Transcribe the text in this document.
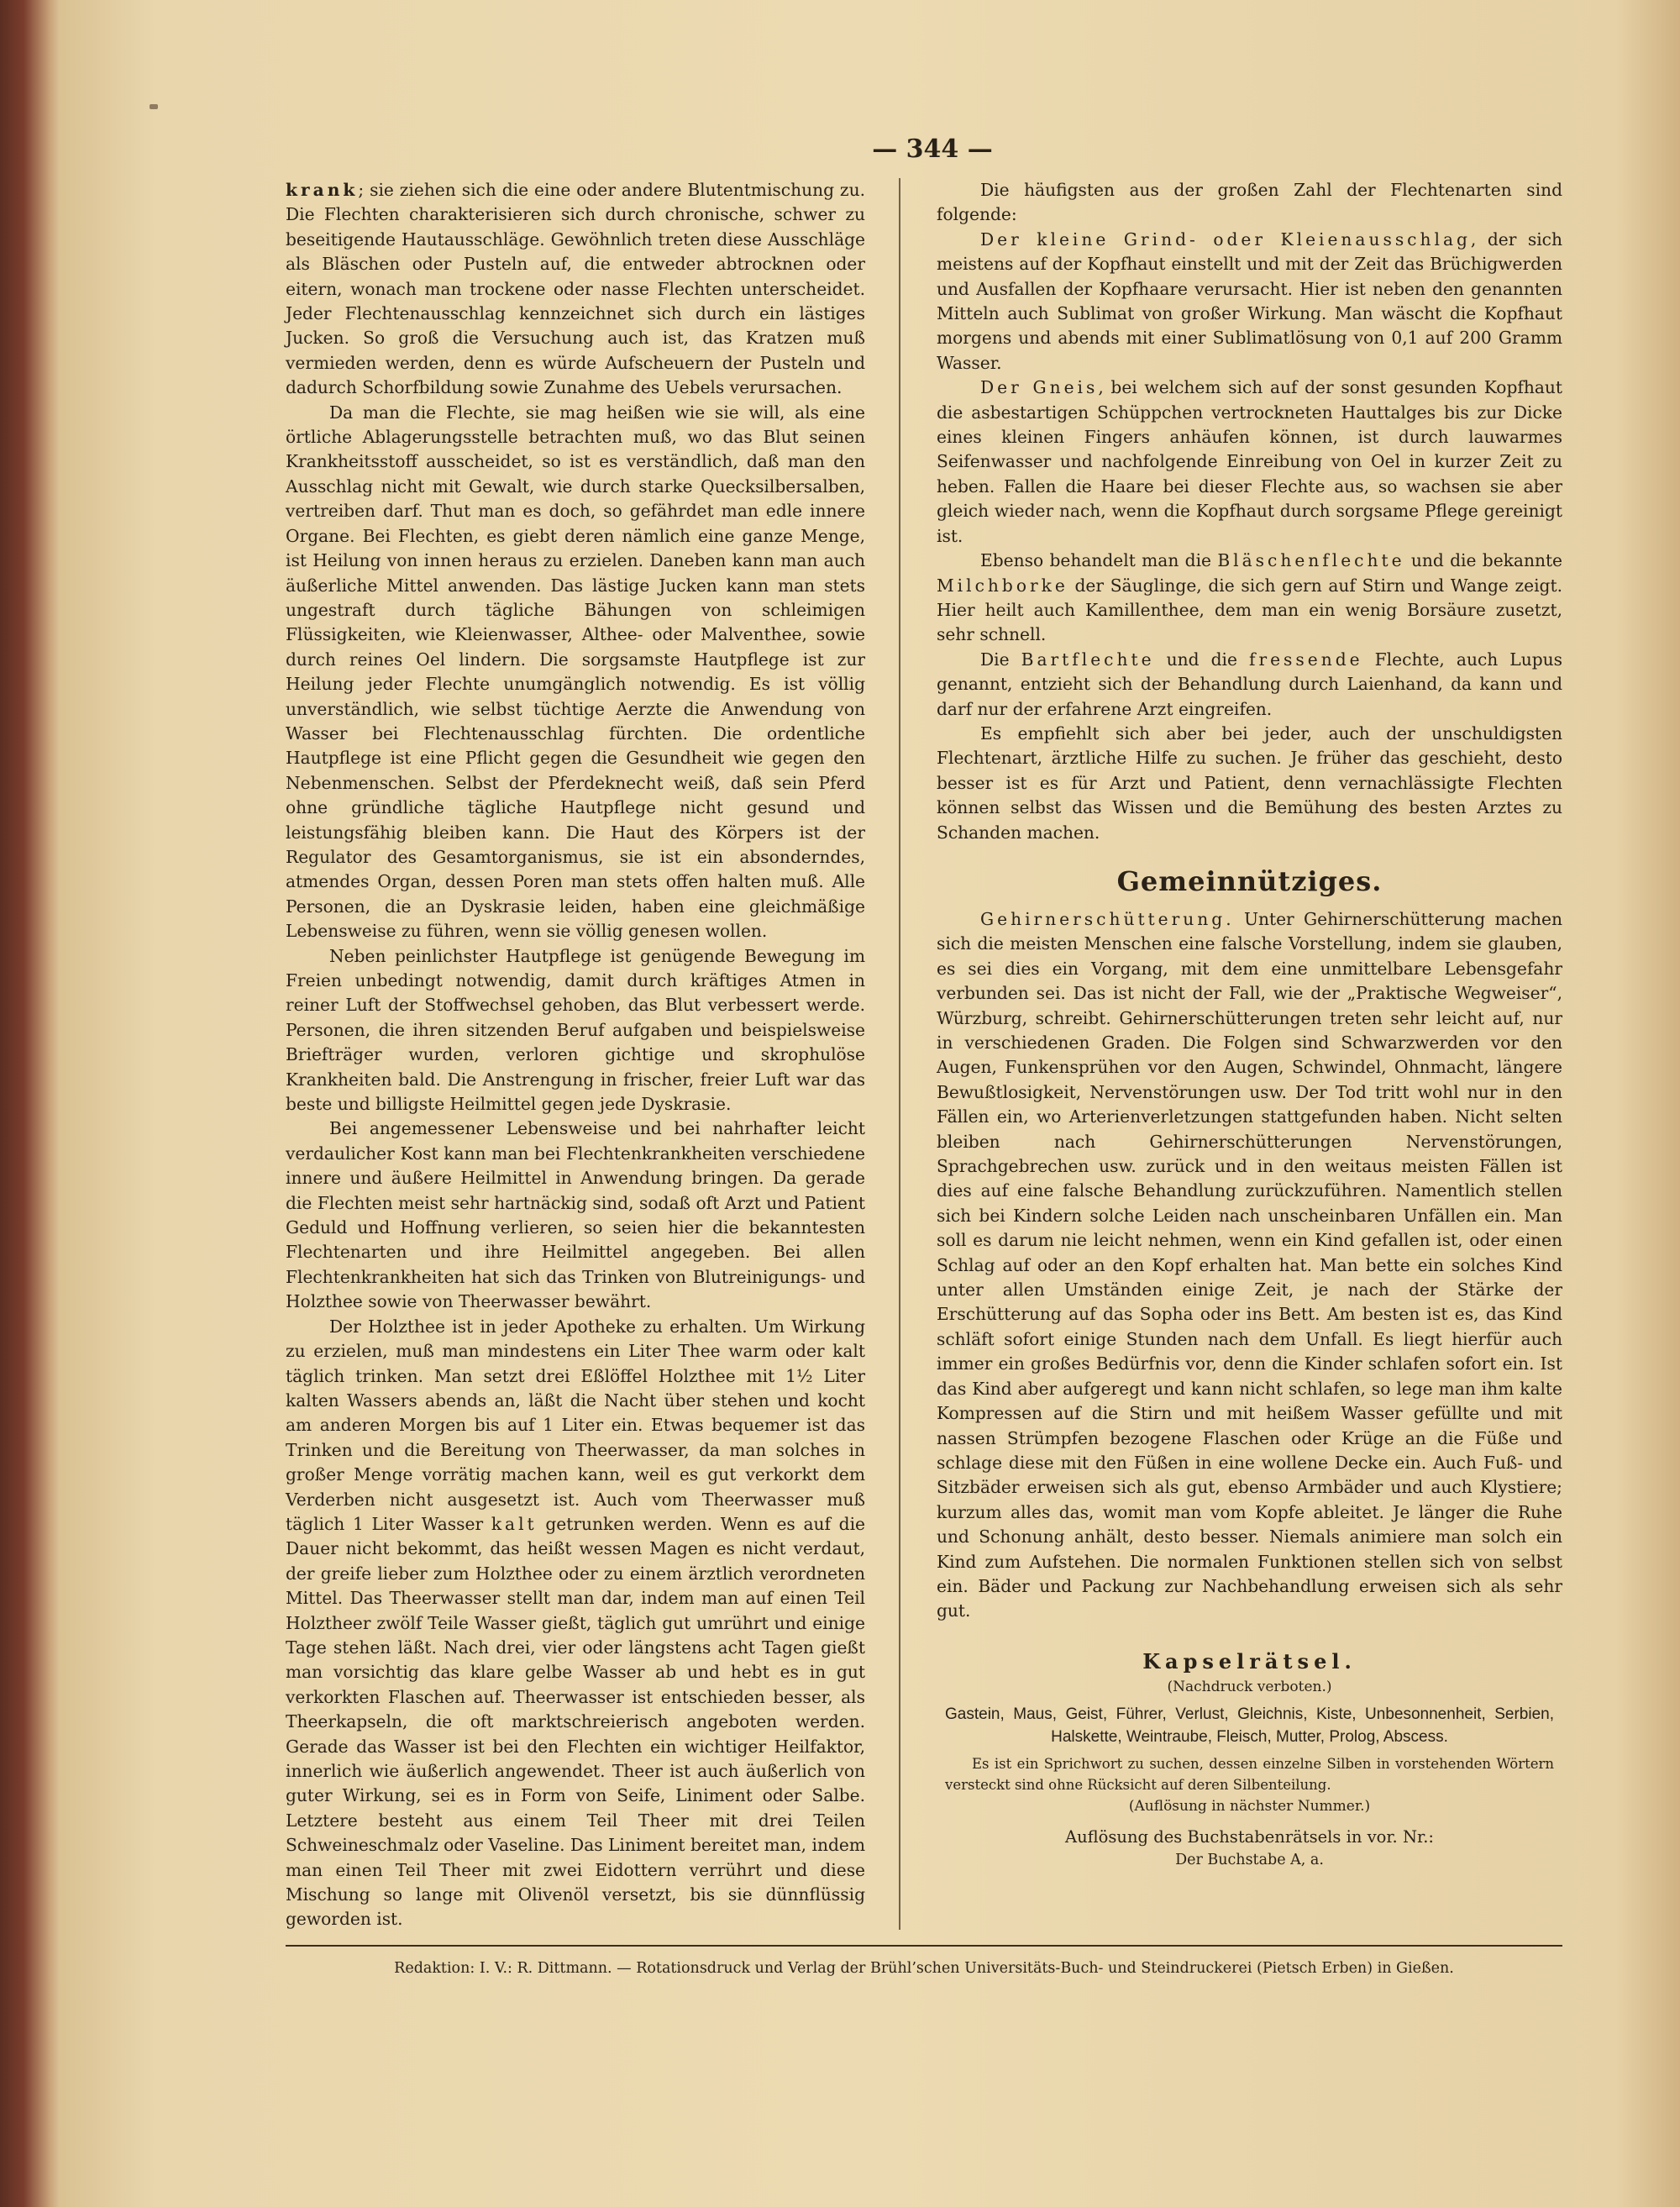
— 344 —

krank; sie ziehen sich die eine oder andere Blutentmischung zu. Die Flechten charakterisieren sich durch chronische, schwer zu beseitigende Hautausschläge. Gewöhnlich treten diese Ausschläge als Bläschen oder Pusteln auf, die entweder abtrocknen oder eitern, wonach man trockene oder nasse Flechten unterscheidet. Jeder Flechtenausschlag kennzeichnet sich durch ein lästiges Jucken. So groß die Versuchung auch ist, das Kratzen muß vermieden werden, denn es würde Aufscheuern der Pusteln und dadurch Schorfbildung sowie Zunahme des Uebels verursachen.

Da man die Flechte, sie mag heißen wie sie will, als eine örtliche Ablagerungsstelle betrachten muß, wo das Blut seinen Krankheitsstoff ausscheidet, so ist es verständlich, daß man den Ausschlag nicht mit Gewalt, wie durch starke Quecksilbersalben, vertreiben darf. Thut man es doch, so gefährdet man edle innere Organe. Bei Flechten, es giebt deren nämlich eine ganze Menge, ist Heilung von innen heraus zu erzielen. Daneben kann man auch äußerliche Mittel anwenden. Das lästige Jucken kann man stets ungestraft durch tägliche Bähungen von schleimigen Flüssigkeiten, wie Kleienwasser, Althee- oder Malventhee, sowie durch reines Oel lindern. Die sorgsamste Hautpflege ist zur Heilung jeder Flechte unumgänglich notwendig. Es ist völlig unverständlich, wie selbst tüchtige Aerzte die Anwendung von Wasser bei Flechtenausschlag fürchten. Die ordentliche Hautpflege ist eine Pflicht gegen die Gesundheit wie gegen den Nebenmenschen. Selbst der Pferdeknecht weiß, daß sein Pferd ohne gründliche tägliche Hautpflege nicht gesund und leistungsfähig bleiben kann. Die Haut des Körpers ist der Regulator des Gesamtorganismus, sie ist ein absonderndes, atmendes Organ, dessen Poren man stets offen halten muß. Alle Personen, die an Dyskrasie leiden, haben eine gleichmäßige Lebensweise zu führen, wenn sie völlig genesen wollen.

Neben peinlichster Hautpflege ist genügende Bewegung im Freien unbedingt notwendig, damit durch kräftiges Atmen in reiner Luft der Stoffwechsel gehoben, das Blut verbessert werde. Personen, die ihren sitzenden Beruf aufgaben und beispielsweise Briefträger wurden, verloren gichtige und skrophulöse Krankheiten bald. Die Anstrengung in frischer, freier Luft war das beste und billigste Heilmittel gegen jede Dyskrasie.

Bei angemessener Lebensweise und bei nahrhafter leicht verdaulicher Kost kann man bei Flechtenkrankheiten verschiedene innere und äußere Heilmittel in Anwendung bringen. Da gerade die Flechten meist sehr hartnäckig sind, sodaß oft Arzt und Patient Geduld und Hoffnung verlieren, so seien hier die bekanntesten Flechtenarten und ihre Heilmittel angegeben. Bei allen Flechtenkrankheiten hat sich das Trinken von Blutreinigungs- und Holzthee sowie von Theerwasser bewährt.

Der Holzthee ist in jeder Apotheke zu erhalten. Um Wirkung zu erzielen, muß man mindestens ein Liter Thee warm oder kalt täglich trinken. Man setzt drei Eßlöffel Holzthee mit 1½ Liter kalten Wassers abends an, läßt die Nacht über stehen und kocht am anderen Morgen bis auf 1 Liter ein. Etwas bequemer ist das Trinken und die Bereitung von Theerwasser, da man solches in großer Menge vorrätig machen kann, weil es gut verkorkt dem Verderben nicht ausgesetzt ist. Auch vom Theerwasser muß täglich 1 Liter Wasser kalt getrunken werden. Wenn es auf die Dauer nicht bekommt, das heißt wessen Magen es nicht verdaut, der greife lieber zum Holzthee oder zu einem ärztlich verordneten Mittel. Das Theerwasser stellt man dar, indem man auf einen Teil Holztheer zwölf Teile Wasser gießt, täglich gut umrührt und einige Tage stehen läßt. Nach drei, vier oder längstens acht Tagen gießt man vorsichtig das klare gelbe Wasser ab und hebt es in gut verkorkten Flaschen auf. Theerwasser ist entschieden besser, als Theerkapseln, die oft marktschreierisch angeboten werden. Gerade das Wasser ist bei den Flechten ein wichtiger Heilfaktor, innerlich wie äußerlich angewendet. Theer ist auch äußerlich von guter Wirkung, sei es in Form von Seife, Liniment oder Salbe. Letztere besteht aus einem Teil Theer mit drei Teilen Schweineschmalz oder Vaseline. Das Liniment bereitet man, indem man einen Teil Theer mit zwei Eidottern verrührt und diese Mischung so lange mit Olivenöl versetzt, bis sie dünnflüssig geworden ist.

Die häufigsten aus der großen Zahl der Flechtenarten sind folgende:

Der kleine Grind- oder Kleienausschlag, der sich meistens auf der Kopfhaut einstellt und mit der Zeit das Brüchigwerden und Ausfallen der Kopfhaare verursacht. Hier ist neben den genannten Mitteln auch Sublimat von großer Wirkung. Man wäscht die Kopfhaut morgens und abends mit einer Sublimatlösung von 0,1 auf 200 Gramm Wasser.

Der Gneis, bei welchem sich auf der sonst gesunden Kopfhaut die asbestartigen Schüppchen vertrockneten Hauttalges bis zur Dicke eines kleinen Fingers anhäufen können, ist durch lauwarmes Seifenwasser und nachfolgende Einreibung von Oel in kurzer Zeit zu heben. Fallen die Haare bei dieser Flechte aus, so wachsen sie aber gleich wieder nach, wenn die Kopfhaut durch sorgsame Pflege gereinigt ist.

Ebenso behandelt man die Bläschenflechte und die bekannte Milchborke der Säuglinge, die sich gern auf Stirn und Wange zeigt. Hier heilt auch Kamillenthee, dem man ein wenig Borsäure zusetzt, sehr schnell.

Die Bartflechte und die fressende Flechte, auch Lupus genannt, entzieht sich der Behandlung durch Laienhand, da kann und darf nur der erfahrene Arzt eingreifen.

Es empfiehlt sich aber bei jeder, auch der unschuldigsten Flechtenart, ärztliche Hilfe zu suchen. Je früher das geschieht, desto besser ist es für Arzt und Patient, denn vernachlässigte Flechten können selbst das Wissen und die Bemühung des besten Arztes zu Schanden machen.

Gemeinnütziges.

Gehirnerschütterung. Unter Gehirnerschütterung machen sich die meisten Menschen eine falsche Vorstellung, indem sie glauben, es sei dies ein Vorgang, mit dem eine unmittelbare Lebensgefahr verbunden sei. Das ist nicht der Fall, wie der „Praktische Wegweiser“, Würzburg, schreibt. Gehirnerschütterungen treten sehr leicht auf, nur in verschiedenen Graden. Die Folgen sind Schwarzwerden vor den Augen, Funkensprühen vor den Augen, Schwindel, Ohnmacht, längere Bewußtlosigkeit, Nervenstörungen usw. Der Tod tritt wohl nur in den Fällen ein, wo Arterienverletzungen stattgefunden haben. Nicht selten bleiben nach Gehirnerschütterungen Nervenstörungen, Sprachgebrechen usw. zurück und in den weitaus meisten Fällen ist dies auf eine falsche Behandlung zurückzuführen. Namentlich stellen sich bei Kindern solche Leiden nach unscheinbaren Unfällen ein. Man soll es darum nie leicht nehmen, wenn ein Kind gefallen ist, oder einen Schlag auf oder an den Kopf erhalten hat. Man bette ein solches Kind unter allen Umständen einige Zeit, je nach der Stärke der Erschütterung auf das Sopha oder ins Bett. Am besten ist es, das Kind schläft sofort einige Stunden nach dem Unfall. Es liegt hierfür auch immer ein großes Bedürfnis vor, denn die Kinder schlafen sofort ein. Ist das Kind aber aufgeregt und kann nicht schlafen, so lege man ihm kalte Kompressen auf die Stirn und mit heißem Wasser gefüllte und mit nassen Strümpfen bezogene Flaschen oder Krüge an die Füße und schlage diese mit den Füßen in eine wollene Decke ein. Auch Fuß- und Sitzbäder erweisen sich als gut, ebenso Armbäder und auch Klystiere; kurzum alles das, womit man vom Kopfe ableitet. Je länger die Ruhe und Schonung anhält, desto besser. Niemals animiere man solch ein Kind zum Aufstehen. Die normalen Funktionen stellen sich von selbst ein. Bäder und Packung zur Nachbehandlung erweisen sich als sehr gut.

Kapselrätsel.
(Nachdruck verboten.)
Gastein, Maus, Geist, Führer, Verlust, Gleichnis, Kiste, Unbesonnenheit, Serbien, Halskette, Weintraube, Fleisch, Mutter, Prolog, Abscess.
Es ist ein Sprichwort zu suchen, dessen einzelne Silben in vorstehenden Wörtern versteckt sind ohne Rücksicht auf deren Silbenteilung.
(Auflösung in nächster Nummer.)
Auflösung des Buchstabenrätsels in vor. Nr.:
Der Buchstabe A, a.
Redaktion: I. V.: R. Dittmann. — Rotationsdruck und Verlag der Brühl’schen Universitäts-Buch- und Steindruckerei (Pietsch Erben) in Gießen.
